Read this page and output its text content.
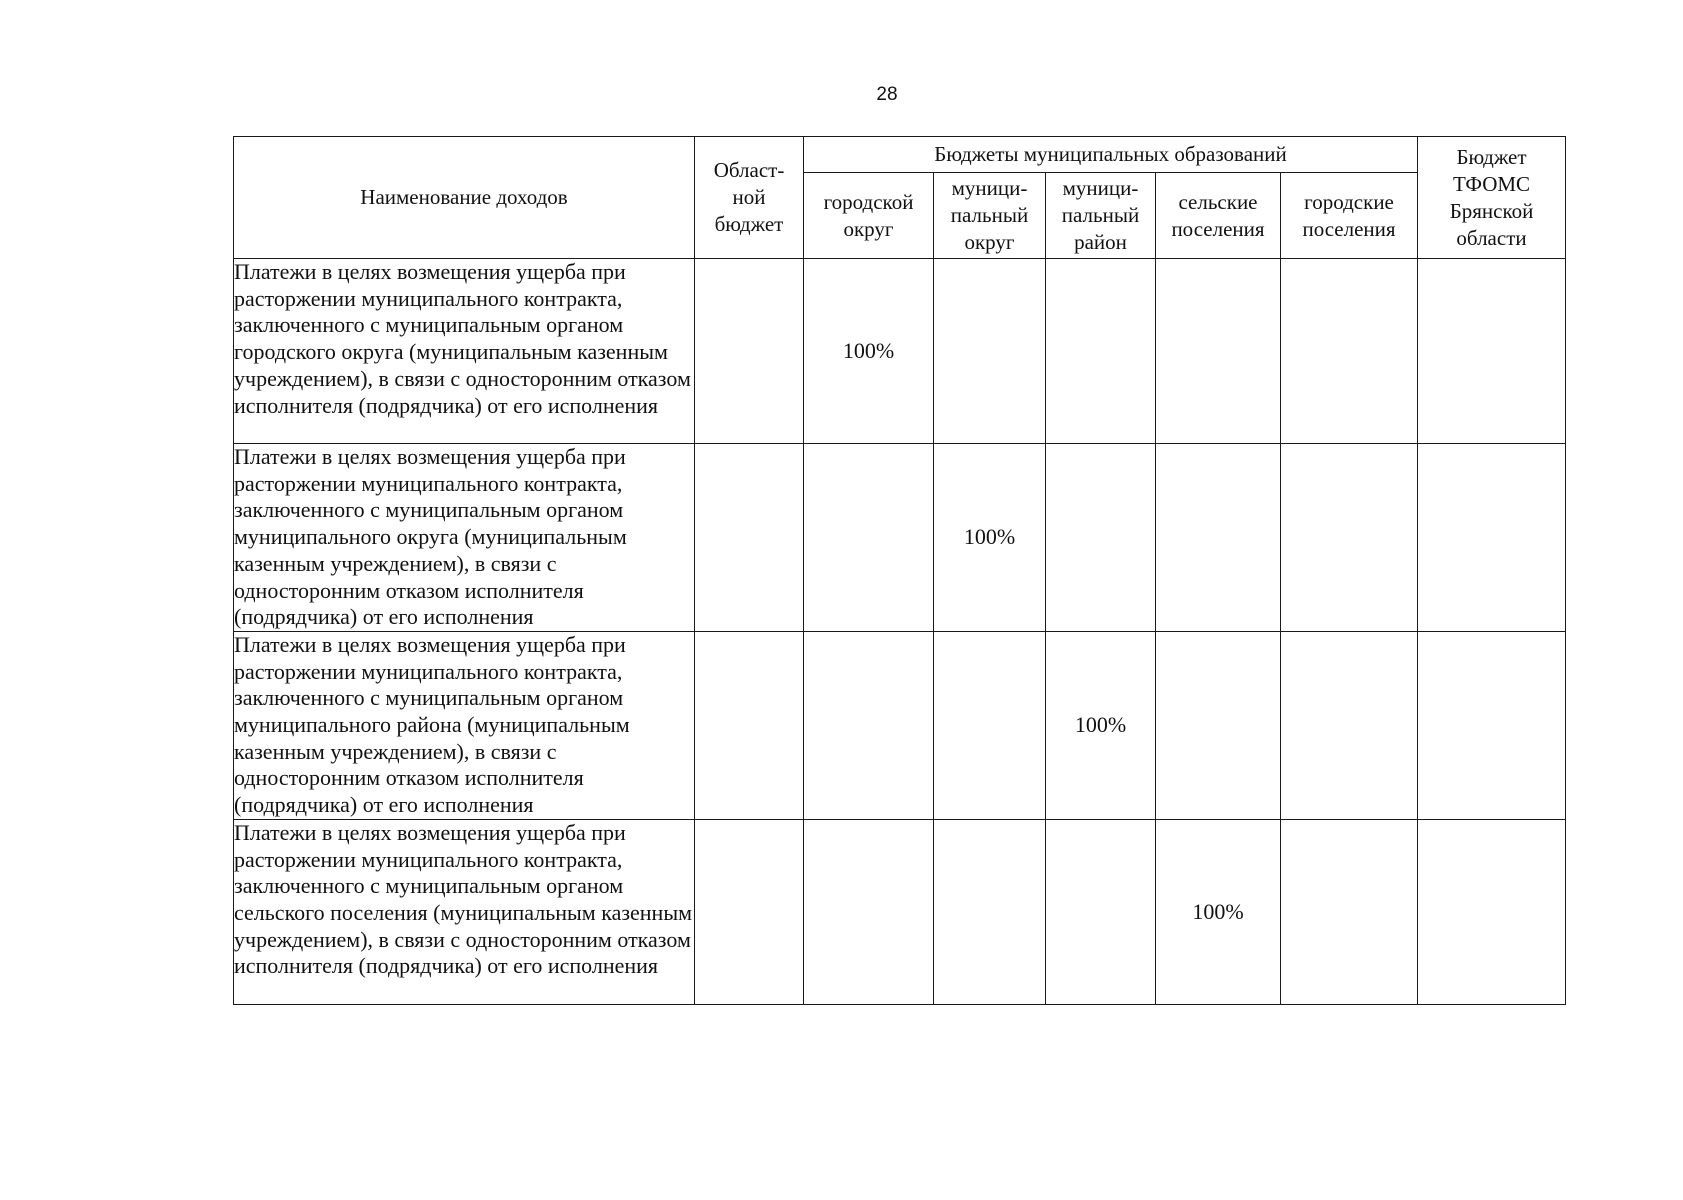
28
Наименование доходов	Област-
ной
бюджет	Бюджеты муниципальных образований					Бюджет
ТФОМС
Брянской
области
		городской
округ	муници-
пальный
округ	муници-
пальный
район	сельские
поселения	городские
поселения	
Платежи в целях возмещения ущерба при расторжении муниципального контракта, заключенного с муниципальным органом городского округа (муниципальным казенным учреждением), в связи с односторонним отказом исполнителя (подрядчика) от его исполнения		100%					
Платежи в целях возмещения ущерба при расторжении муниципального контракта, заключенного с муниципальным органом муниципального округа (муниципальным казенным учреждением), в связи с односторонним отказом исполнителя (подрядчика) от его исполнения			100%				
Платежи в целях возмещения ущерба при расторжении муниципального контракта, заключенного с муниципальным органом муниципального района (муниципальным казенным учреждением), в связи с односторонним отказом исполнителя (подрядчика) от его исполнения				100%			
Платежи в целях возмещения ущерба при расторжении муниципального контракта, заключенного с муниципальным органом сельского поселения (муниципальным казенным учреждением), в связи с односторонним отказом исполнителя (подрядчика) от его исполнения					100%		
